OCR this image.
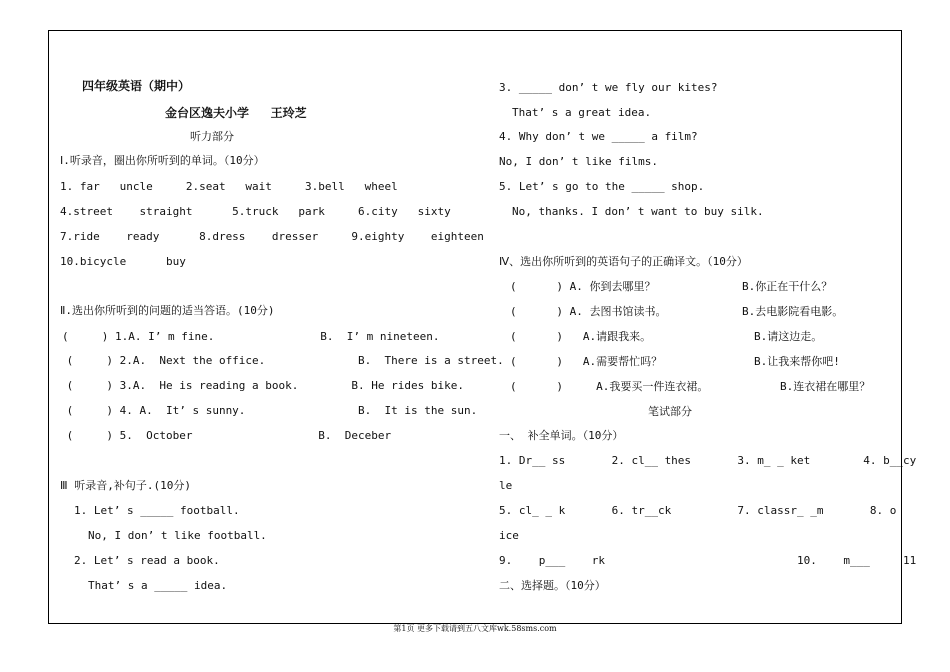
四年级英语（期中）
金台区逸夫小学   王玲芝
听力部分
Ⅰ.听录音，圈出你所听到的单词。（10分）
1. far   uncle     2.seat   wait     3.bell   wheel
4.street    straight      5.truck   park     6.city   sixty
7.ride    ready      8.dress    dresser     9.eighty    eighteen
10.bicycle      buy
Ⅱ.选出你所听到的问题的适当答语。(10分)
(     ) 1.A. I’ m fine.                B.  I’ m nineteen.
(     ) 2.A.  Next the office.              B.  There is a street.
(     ) 3.A.  He is reading a book.        B. He rides bike.
(     ) 4. A.  It’ s sunny.                 B.  It is the sun.
(     ) 5.  October                   B.  Deceber
Ⅲ 听录音,补句子.(10分)
1. Let’ s _____ football.
No, I don’ t like football.
2. Let’ s read a book.
That’ s a _____ idea.
3. _____ don’ t we fly our kites?
That’ s a great idea.
4. Why don’ t we _____ a film?
No, I don’ t like films.
5. Let’ s go to the _____ shop.
No, thanks. I don’ t want to buy silk.
Ⅳ、选出你所听到的英语句子的正确译文。（10分）
(      ) A. 你到去哪里？	B.你正在干什么？
(      ) A. 去图书馆读书。	B.去电影院看电影。
(      )   A.请跟我来。	B.请这边走。
(      )   A.需要帮忙吗？	B.让我来帮你吧!
(      )     A.我要买一件连衣裙。	B.连衣裙在哪里？
笔试部分
一、 补全单词。（10分）
1. Dr__ ss       2. cl__ thes       3. m_ _ ket        4. b__cy
le
5. cl_ _ k       6. tr__ck          7. classr_ _m       8. o
ice
9.    p___    rk                             10.    m___     11
二、选择题。（10分）
第1页 更多下载请到五八文库wk.58sms.com
